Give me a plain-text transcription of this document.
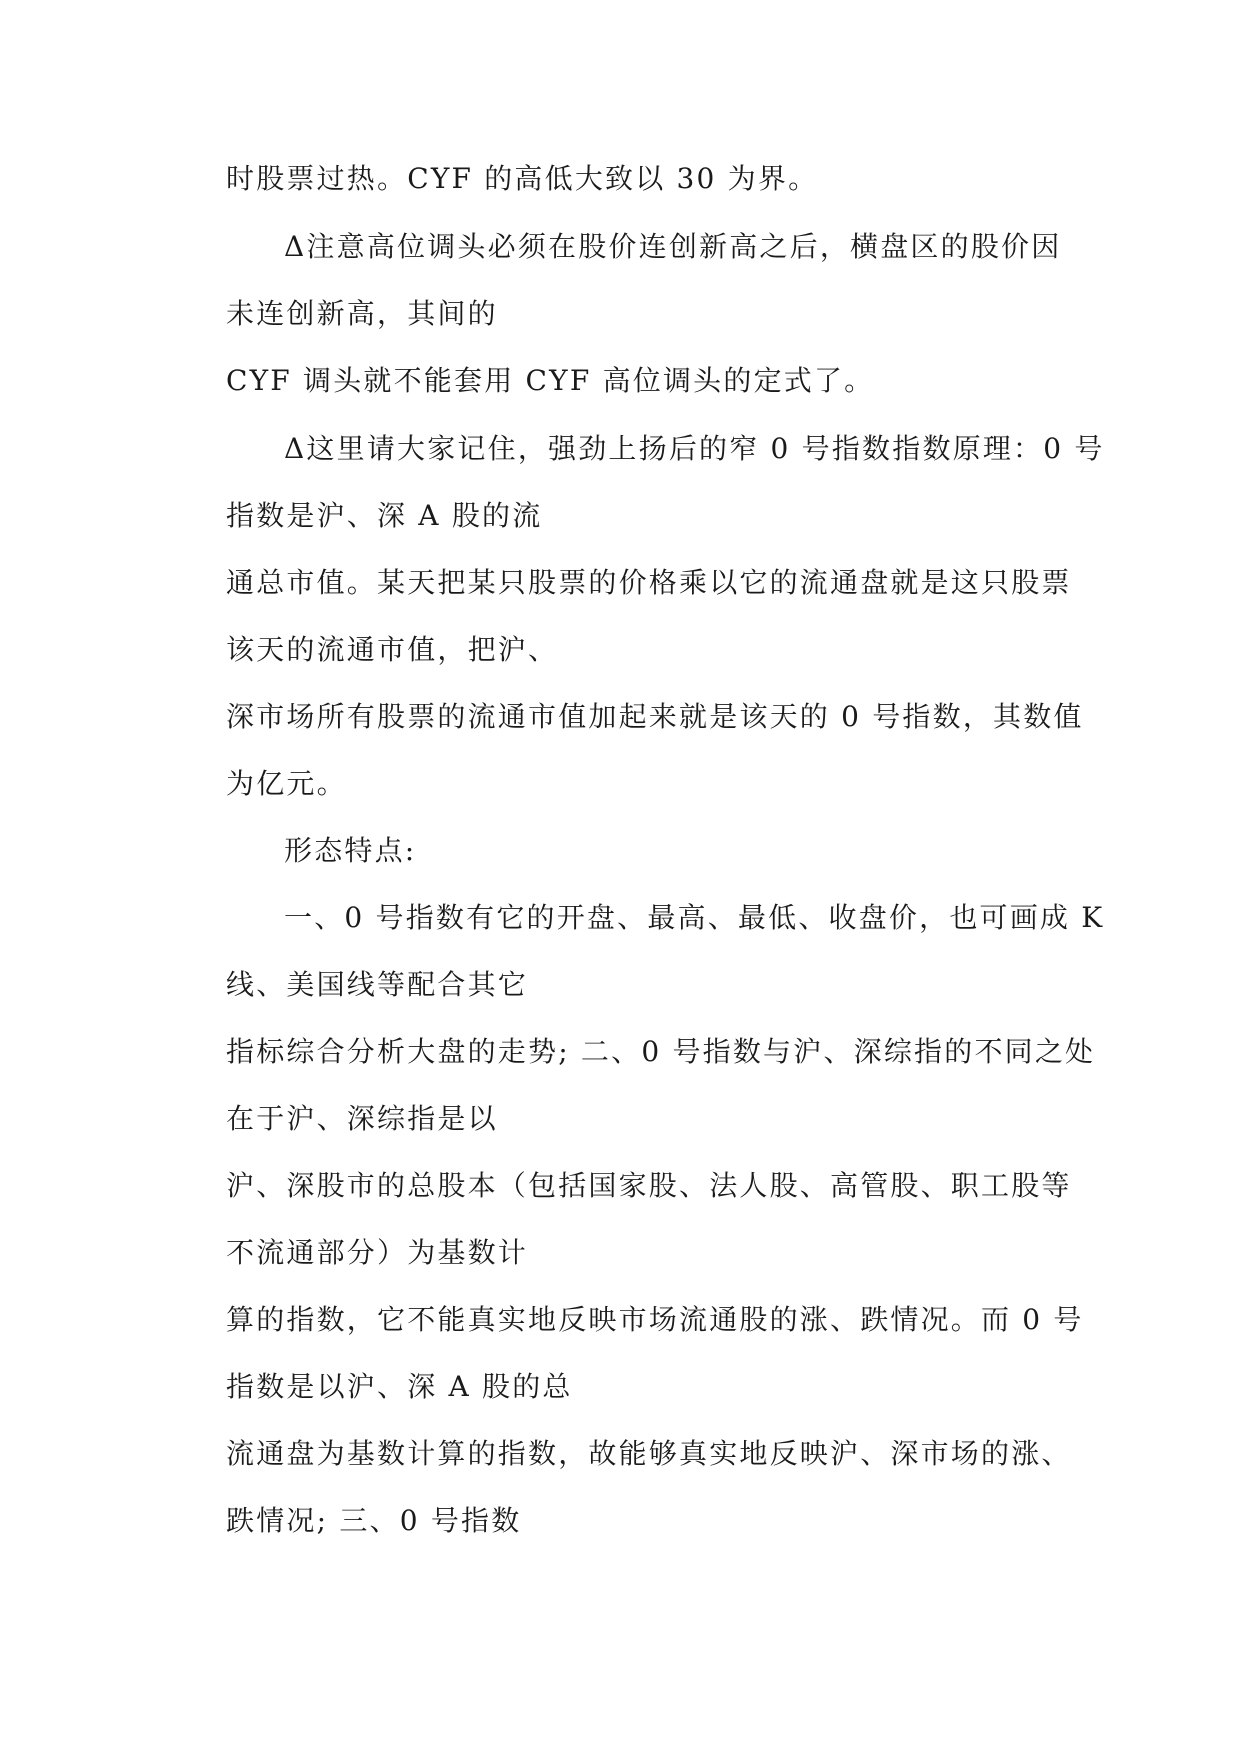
时股票过热。CYF 的高低大致以 30 为界。
Δ注意高位调头必须在股价连创新高之后，横盘区的股价因
未连创新高，其间的
CYF 调头就不能套用 CYF 高位调头的定式了。
Δ这里请大家记住，强劲上扬后的窄 0 号指数指数原理：0 号
指数是沪、深 A 股的流
通总市值。某天把某只股票的价格乘以它的流通盘就是这只股票
该天的流通市值，把沪、
深市场所有股票的流通市值加起来就是该天的 0 号指数，其数值
为亿元。
形态特点:
一、0 号指数有它的开盘、最高、最低、收盘价，也可画成 K
线、美国线等配合其它
指标综合分析大盘的走势; 二、0 号指数与沪、深综指的不同之处
在于沪、深综指是以
沪、深股市的总股本（包括国家股、法人股、高管股、职工股等
不流通部分）为基数计
算的指数，它不能真实地反映市场流通股的涨、跌情况。而 0 号
指数是以沪、深 A 股的总
流通盘为基数计算的指数，故能够真实地反映沪、深市场的涨、
跌情况; 三、0 号指数
